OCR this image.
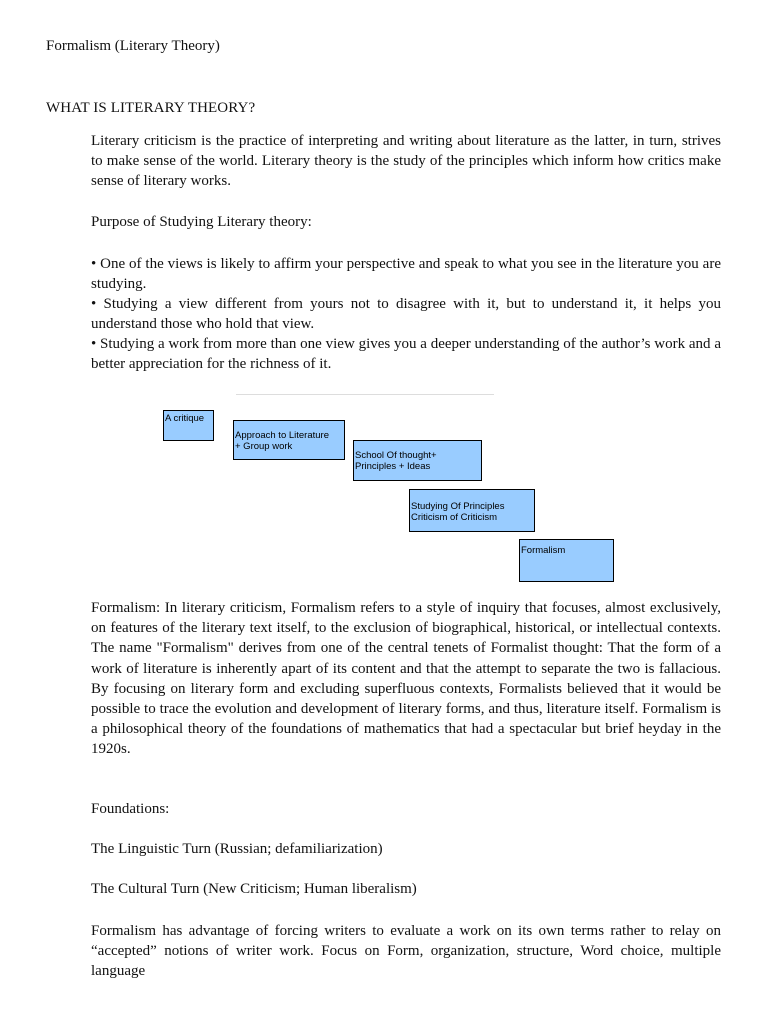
Formalism (Literary Theory)
WHAT IS LITERARY THEORY?

Literary criticism is the practice of interpreting and writing about literature as the latter, in turn, strives to make sense of the world. Literary theory is the study of the principles which inform how critics make sense of literary works.

Purpose of Studying Literary theory:

• One of the views is likely to affirm your perspective and speak to what you see in the literature you are studying.

• Studying a view different from yours not to disagree with it, but to understand it, it helps you understand those who hold that view.

• Studying a work from more than one view gives you a deeper understanding of the author’s work and a better appreciation for the richness of it.

A critique
Approach to Literature
+ Group work
School Of thought+
Principles + Ideas
Studying Of Principles
Criticism of Criticism
Formalism

Formalism: In literary criticism, Formalism refers to a style of inquiry that focuses, almost exclusively, on features of the literary text itself, to the exclusion of biographical, historical, or intellectual contexts. The name "Formalism" derives from one of the central tenets of Formalist thought: That the form of a work of literature is inherently apart of its content and that the attempt to separate the two is fallacious. By focusing on literary form and excluding superfluous contexts, Formalists believed that it would be possible to trace the evolution and development of literary forms, and thus, literature itself. Formalism is a philosophical theory of the foundations of mathematics that had a spectacular but brief heyday in the 1920s.

Foundations:
The Linguistic Turn (Russian; defamiliarization)
The Cultural Turn (New Criticism; Human liberalism)

Formalism has advantage of forcing writers to evaluate a work on its own terms rather to relay on “accepted” notions of writer work. Focus on Form, organization, structure, Word choice, multiple language
